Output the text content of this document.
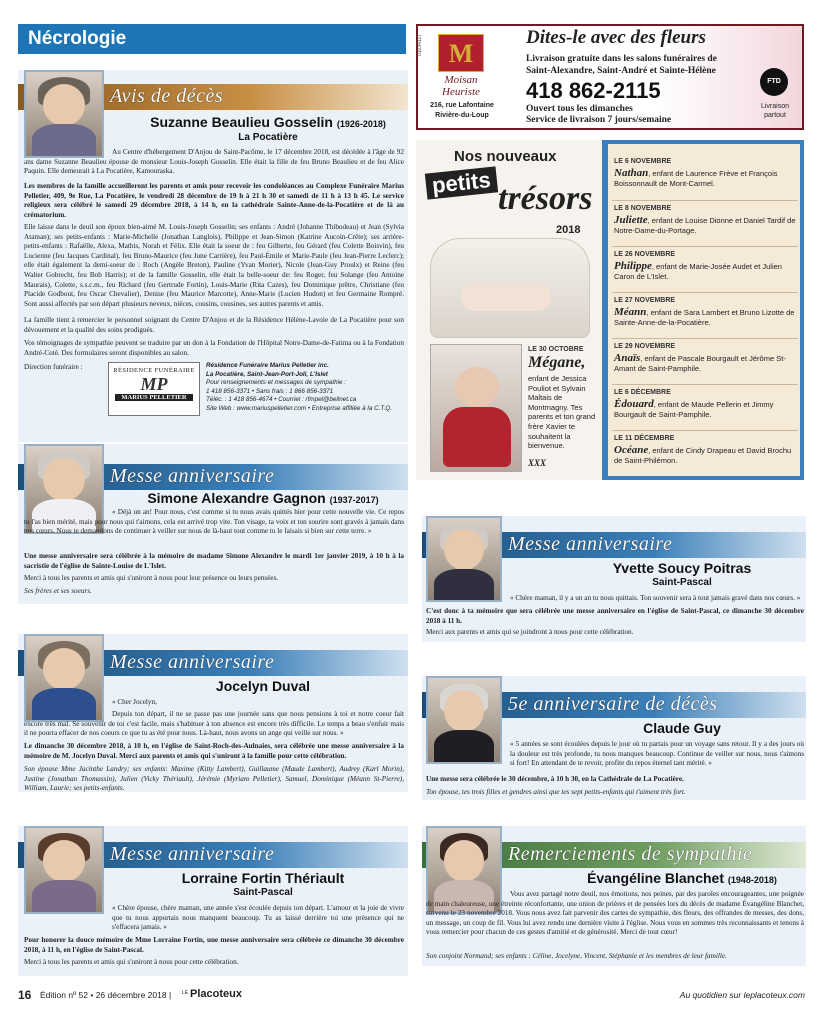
Nécrologie
Avis de décès
Suzanne Beaulieu Gosselin (1926-2018)
La Pocatière
Au Centre d'hébergement D'Anjou de Saint-Pacôme, le 17 décembre 2018, est décédée à l'âge de 92 ans dame Suzanne Beaulieu épouse de monsieur Louis-Joseph Gosselin. Elle était la fille de feu Bruno Beaulieu et de feu Alice Paquin. Elle demeurait à La Pocatière, Kamouraska.
Les membres de la famille accueilleront les parents et amis pour recevoir les condoléances au Complexe Funéraire Marius Pelletier, 409, 9e Rue, La Pocatière, le vendredi 28 décembre de 19 h à 21 h 30 et samedi de 11 h à 13 h 45. Le service religieux sera célébré le samedi 29 décembre 2018, à 14 h, en la cathédrale Sainte-Anne-de-la-Pocatière et de là au crématorium.
Elle laisse dans le deuil son époux bien-aimé M. Louis-Joseph Gosselin; ses enfants : André (Johanne Thibodeau) et Jean (Sylvia Ataman); ses petits-enfants : Marie-Michelle (Jonathan Langlois), Philippe et Jean-Simon (Katrine Aucoin-Crête); ses arrière-petits-enfants : Rafaëlle, Alexa, Mathis, Norah et Félix. Elle était la soeur de : feu Gilberte, feu Gérard (feu Colette Boisvin), feu Lucienne (feu Jacques Cardinal), feu Bruno-Maurice (feu June Carrière), feu Paul-Émile et Marie-Paule (feu Jean-Pierre Leclerc); elle était également la demi-soeur de : Roch (Angèle Breton), Pauline (Yvan Morier), Nicole (Jean-Guy Proulx) et Reine (feu Walter Gobrecht, feu Bob Harris); et de la famille Gosselin, elle était la belle-soeur de: feu Roger, feu Solange (feu Antoine Maurais), Colette, s.s.c.m., feu Richard (feu Gertrude Fortin), Louis-Marie (Rita Cazes), feu Dominique prêtre, Christiane (feu Placide Godbout, feu Oscar Chevalier), Denise (feu Maurice Marcotte), Anne-Marie (Lucien Hudon) et feu Germaine Rompré. Sont aussi affectés par son départ plusieurs neveux, nièces, cousins, cousines, ses autres parents et amis.
La famille tient à remercier le personnel soignant du Centre D'Anjou et de la Résidence Hélène-Lavoie de La Pocatière pour son dévouement et la qualité des soins prodigués.
Vos témoignages de sympathie peuvent se traduire par un don à la Fondation de l'Hôpital Notre-Dame-de-Fatima ou à la Fondation André-Coté. Des formulaires seront disponibles au salon.
Direction funéraire :	RÉSIDENCE FUNÉRAIRE
MP
MARIUS PELLETIER
Résidence Funéraire Marius Pelletier inc.
La Pocatière, Saint-Jean-Port-Joli, L'Islet
Pour renseignements et messages de sympathie :
1 418 856-3371 • Sans frais : 1 866 856-3371
Téléc. : 1 418 856-4674 • Courriel : rfmpel@bellnet.ca
Site Web : www.mariuspelletier.com • Entreprise affiliée à la C.T.Q.
01034117
M
Moisan
Heuriste
216, rue Lafontaine
Rivière-du-Loup
Dites-le avec des fleurs
Livraison gratuite dans les salons funéraires de
Saint-Alexandre, Saint-André et Sainte-Hélène
418 862-2115
Ouvert tous les dimanches
Service de livraison 7 jours/semaine
FTD
Livraison partout
Nos nouveaux
petits trésors
2018
LE 30 OCTOBRE
Mégane,
enfant de Jessica Pouliot et Sylvain Maltais de Montmagny. Tes parents et ton grand frère Xavier te souhaitent la bienvenue.
XXX
LE 6 NOVEMBRE
Nathan, enfant de Laurence Frève et François Boissonnault de Mont-Carmel.
LE 8 NOVEMBRE
Juliette, enfant de Louise Dionne et Daniel Tardif de Notre-Dame-du-Portage.
LE 26 NOVEMBRE
Philippe, enfant de Marie-Josée Audet et Julien Caron de L'Islet.
LE 27 NOVEMBRE
Méann, enfant de Sara Lambert et Bruno Lizotte de Sainte-Anne-de-la-Pocatière.
LE 29 NOVEMBRE
Anaïs, enfant de Pascale Bourgault et Jérôme St-Amant de Saint-Pamphile.
LE 6 DÉCEMBRE
Édouard, enfant de Maude Pellerin et Jimmy Bourgault de Saint-Pamphile.
LE 11 DÉCEMBRE
Océane, enfant de Cindy Drapeau et David Brochu de Saint-Philémon.
Messe anniversaire
Simone Alexandre Gagnon (1937-2017)
« Déjà un an! Pour nous, c'est comme si tu nous avais quittés hier pour cette nouvelle vie. Ce repos tu l'as bien mérité, mais pour nous qui t'aimons, cela est arrivé trop vite. Ton visage, ta voix et ton sourire sont gravés à jamais dans nos cœurs. Nous te demandons de continuer à veiller sur nous de là-haut tout comme tu le faisais si bien sur cette terre. »
Une messe anniversaire sera célébrée à la mémoire de madame Simone Alexandre le mardi 1er janvier 2019, à 10 h à la sacristie de l'église de Sainte-Louise de L'Islet.
Merci à tous les parents et amis qui s'uniront à nous pour leur présence ou leurs pensées.
Ses frères et ses soeurs.
Messe anniversaire
Yvette Soucy Poitras
Saint-Pascal
« Chère maman, il y a un an tu nous quittais. Ton souvenir sera à tout jamais gravé dans nos cœurs. »
C'est donc à ta mémoire que sera célébrée une messe anniversaire en l'église de Saint-Pascal, ce dimanche 30 décembre 2018 à 11 h.
Merci aux parents et amis qui se joindront à nous pour cette célébration.
Messe anniversaire
Jocelyn Duval
« Cher Jocelyn,
Depuis ton départ, il ne se passe pas une journée sans que nous pensions à toi et notre coeur fait encore très mal. Se souvenir de toi c'est facile, mais s'habituer à ton absence est encore très difficile. Le temps a beau s'enfuir mais il ne pourra effacer de nos coeurs ce que tu as été pour nous. Là-haut, nous avons un ange qui veille sur nous. »
Le dimanche 30 décembre 2018, à 10 h, en l'église de Saint-Roch-des-Aulnaies, sera célébrée une messe anniversaire à la mémoire de M. Jocelyn Duval. Merci aux parents et amis qui s'uniront à la famille pour cette célébration.
Son épouse Mme Jacinthe Landry; ses enfants: Maxime (Kitty Lambert), Guillaume (Maude Lambert), Audrey (Karl Morin), Justine (Jonathan Thomassin), Julien (Vicky Thériault), Jérémie (Myriam Pelletier), Samuel, Dominique (Méann St-Pierre), William, Laurie; ses petits-enfants.
5e anniversaire de décès
Claude Guy
« 5 années se sont écoulées depuis le jour où tu partais pour un voyage sans retour. Il y a des jours où la douleur est très profonde, tu nous manques beaucoup. Continue de veiller sur nous, nous t'aimons si fort! En attendant de te revoir, profite du repos éternel tant mérité. »
Une messe sera célébrée le 30 décembre, à 10 h 30, en la Cathédrale de La Pocatière.
Ton épouse, tes trois filles et gendres ainsi que tes sept petits-enfants qui t'aiment très fort.
Messe anniversaire
Lorraine Fortin Thériault
Saint-Pascal
« Chère épouse, chère maman, une année s'est écoulée depuis ton départ. L'amour et la joie de vivre que tu nous apportais nous manquent beaucoup. Tu as laissé derrière toi une présence qui ne s'effacera jamais. »
Pour honorer la douce mémoire de Mme Lorraine Fortin, une messe anniversaire sera célébrée ce dimanche 30 décembre 2018, à 11 h, en l'église de Saint-Pascal.
Merci à tous les parents et amis qui s'uniront à nous pour cette célébration.
Remerciements de sympathie
Évangéline Blanchet (1948-2018)
Vous avez partagé notre deuil, nos émotions, nos peines, par des paroles encourageantes, une poignée de main chaleureuse, une étreinte réconfortante, une union de prières et de pensées lors du décès de madame Évangéline Blanchet, survenu le 23 novembre 2018. Vous nous avez fait parvenir des cartes de sympathie, des fleurs, des offrandes de messes, des dons, un message, un coup de fil. Vous lui avez rendu une dernière visite à l'église. Nous vous en sommes très reconnaissants et tenons à vous remercier pour chacun de ces gestes d'amitié et de générosité. Merci de tout cœur!
Son conjoint Normand; ses enfants : Céline, Jocelyne, Vincent, Stéphanie et les membres de leur famille.
16 Édition nº 52 • 26 décembre 2018 | LE Placoteux	Au quotidien sur leplacoteux.com
